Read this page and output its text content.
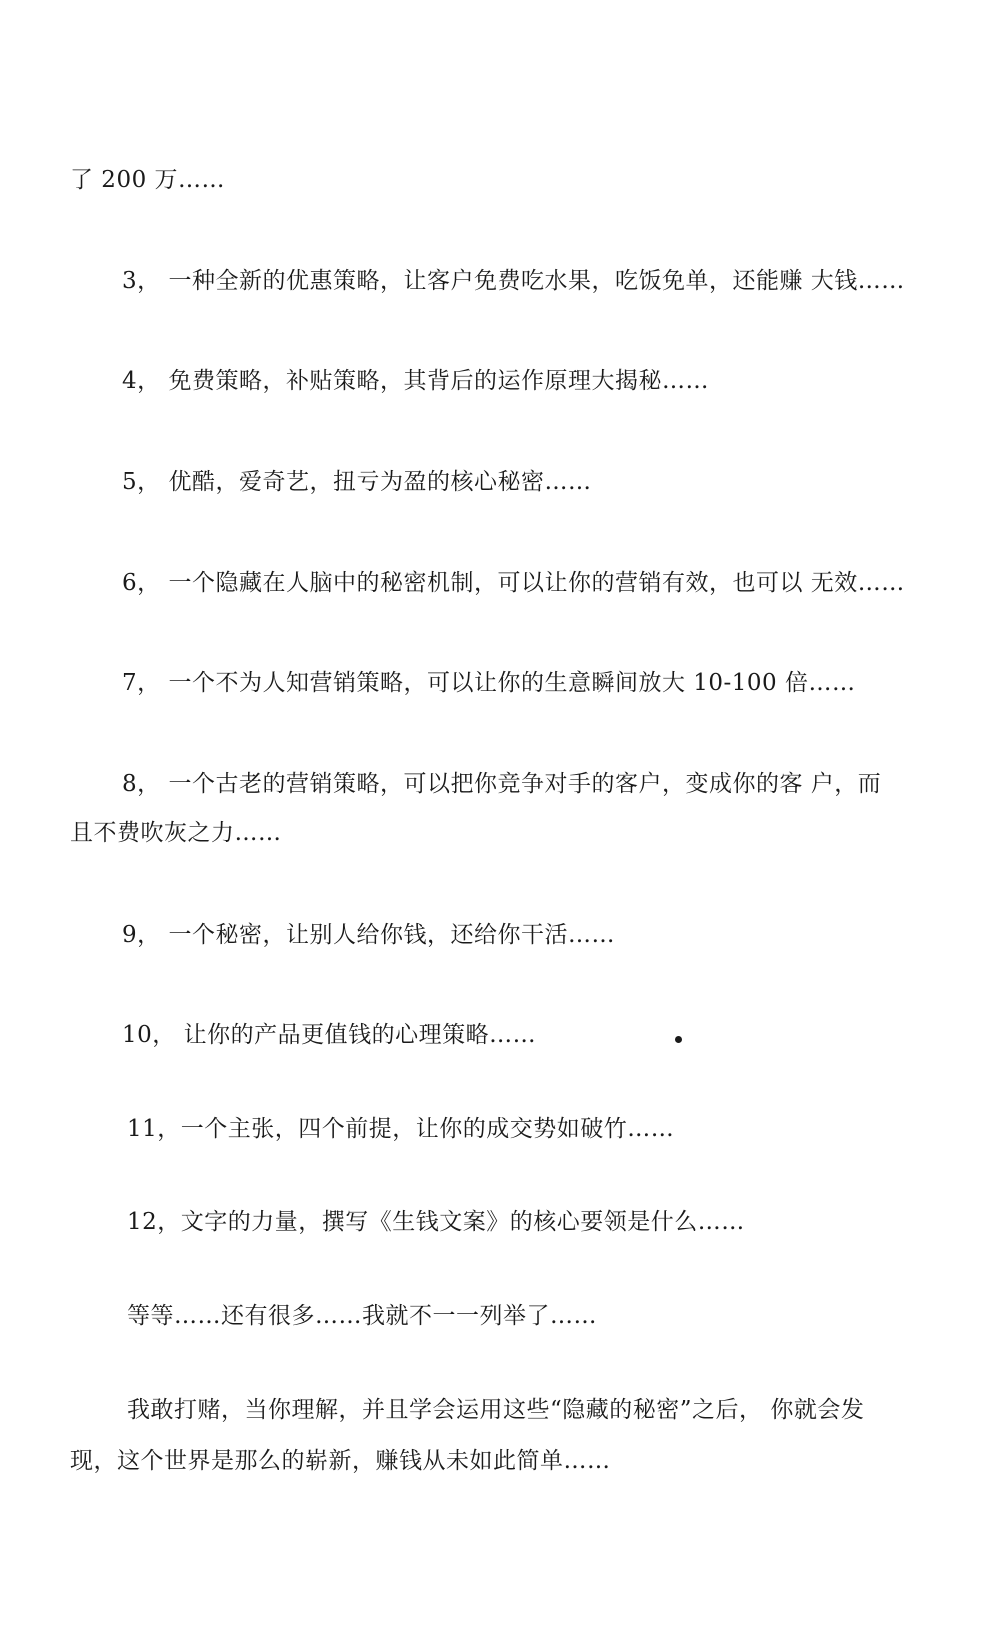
了 200 万……
3， 一种全新的优惠策略，让客户免费吃水果，吃饭免单，还能赚 大钱……
4， 免费策略，补贴策略，其背后的运作原理大揭秘……
5， 优酷，爱奇艺，扭亏为盈的核心秘密……
6， 一个隐藏在人脑中的秘密机制，可以让你的营销有效，也可以 无效……
7， 一个不为人知营销策略，可以让你的生意瞬间放大 10-100 倍……
8， 一个古老的营销策略，可以把你竞争对手的客户，变成你的客 户，而
且不费吹灰之力……
9， 一个秘密，让别人给你钱，还给你干活……
10， 让你的产品更值钱的心理策略……
11，一个主张，四个前提，让你的成交势如破竹……
12，文字的力量，撰写《生钱文案》的核心要领是什么……
等等……还有很多……我就不一一列举了……
我敢打赌，当你理解，并且学会运用这些“隐藏的秘密”之后， 你就会发
现，这个世界是那么的崭新，赚钱从未如此简单……
